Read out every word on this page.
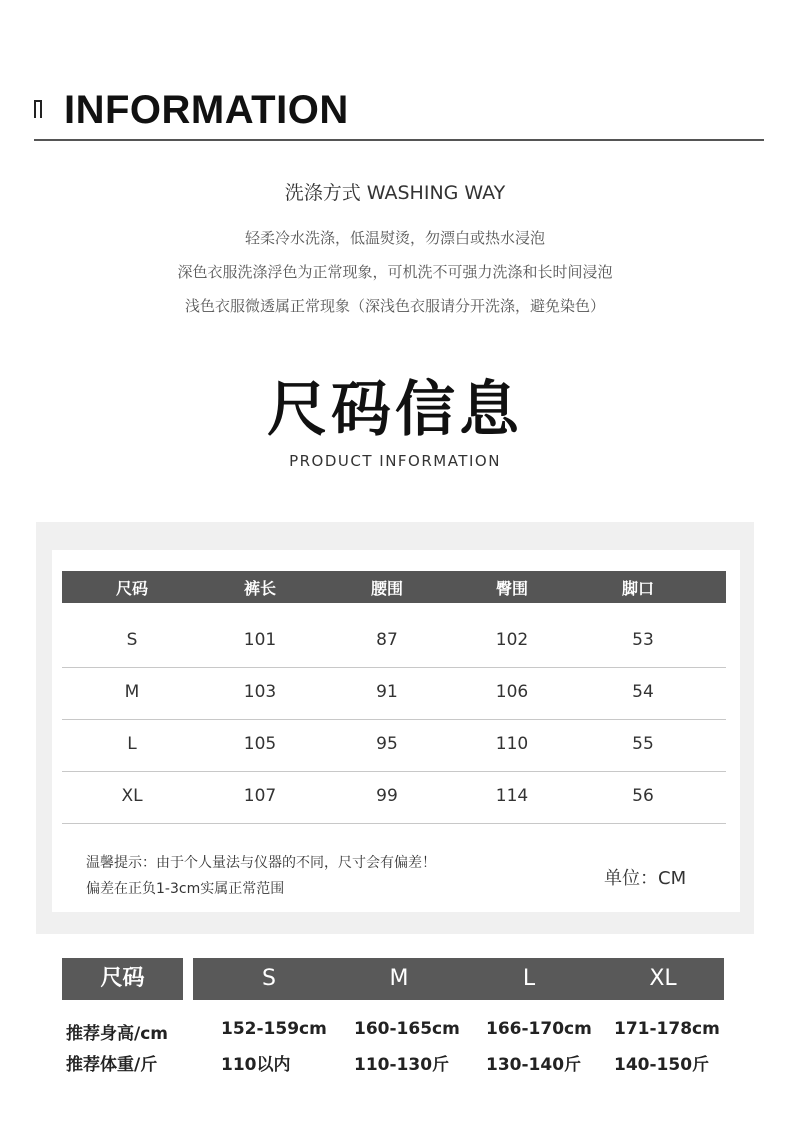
INFORMATION
洗涤方式 WASHING WAY
轻柔冷水洗涤，低温熨烫，勿漂白或热水浸泡
深色衣服洗涤浮色为正常现象，可机洗不可强力洗涤和长时间浸泡
浅色衣服微透属正常现象（深浅色衣服请分开洗涤，避免染色）
尺码信息
PRODUCT INFORMATION
尺码	裤长	腰围	臀围	脚口
S	101	87	102	53
M	103	91	106	54
L	105	95	110	55
XL	107	99	114	56
温馨提示：由于个人量法与仪器的不同，尺寸会有偏差！
偏差在正负1-3cm实属正常范围	单位：CM
尺码	S	M	L	XL
推荐身高/cm	152-159cm 160-165cm 166-170cm 171-178cm
推荐体重/斤	110以内	110-130斤 130-140斤 140-150斤
